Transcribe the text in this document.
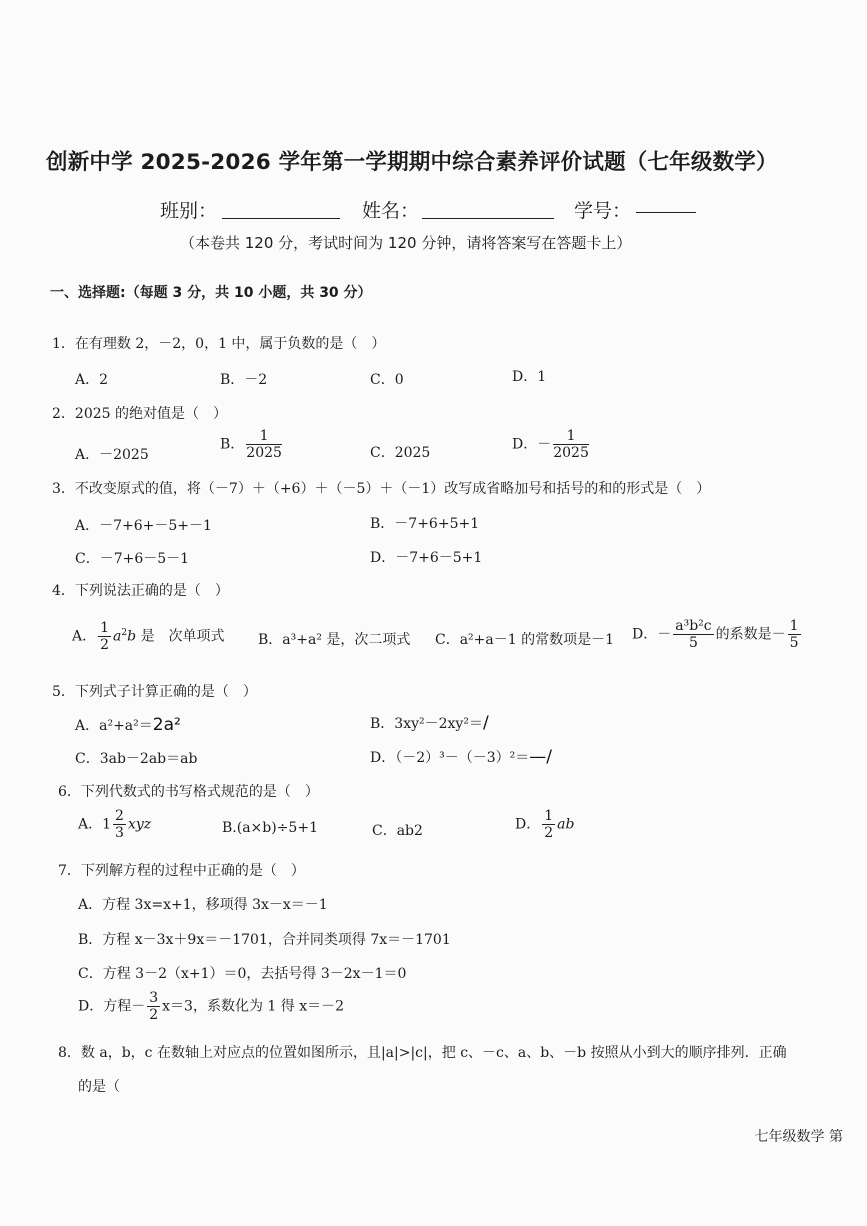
创新中学 2025-2026 学年第一学期期中综合素养评价试题（七年级数学）
班别：	姓名：	学号：
（本卷共 120 分，考试时间为 120 分钟，请将答案写在答题卡上）
一、选择题:（每题 3 分，共 10 小题，共 30 分）
1．在有理数 2，－2，0，1 中，属于负数的是（　）
A．2	B．－2	C．0	D．1
2．2025 的绝对值是（　）
A．－2025
B． $\frac{1}{2025}$	C．2025
D．－ $\frac{1}{2025}$
3．不改变原式的值，将（－7）＋（+6）＋（－5）＋（－1）改写成省略加号和括号的和的形式是（　）
A．－7+6+－5+－1	B．－7+6+5+1
C．－7+6－5－1	D．－7+6－5+1
4．下列说法正确的是（　）
A． $\frac{1}{2} a^2b$ 是　次单项式 B．a³+a² 是，次二项式 C．a²+a－1 的常数项是－1 D．－ $\frac{\text{a³b²c}}{5}$ 的系数是－ $\frac{1}{5}$
5．下列式子计算正确的是（　）
A．a²+a²＝2a²	B．3xy²－2xy²＝/
C．3ab－2ab＝ab	D．（－2）³－（－3）²＝—/
6．下列代数式的书写格式规范的是（　）
A．$1 \frac{2}{3}$ xyz	B.(a×b)÷5+1	C．ab2	D． $\frac{1}{2}$ ab
7．下列解方程的过程中正确的是（　）
A．方程 3x=x+1，移项得 3x－x＝－1
B．方程 x－3x＋9x＝－1701，合并同类项得 7x＝－1701
C．方程 3－2（x+1）＝0，去括号得 3－2x－1＝0
D．方程－ $\frac{3}{2} x=3$，系数化为 1 得 x＝－2
8．数 a，b，c 在数轴上对应点的位置如图所示，且|a|>|c|，把 c、－c、a、b、－b 按照从小到大的顺序排列．正确
的是（
七年级数学 第
